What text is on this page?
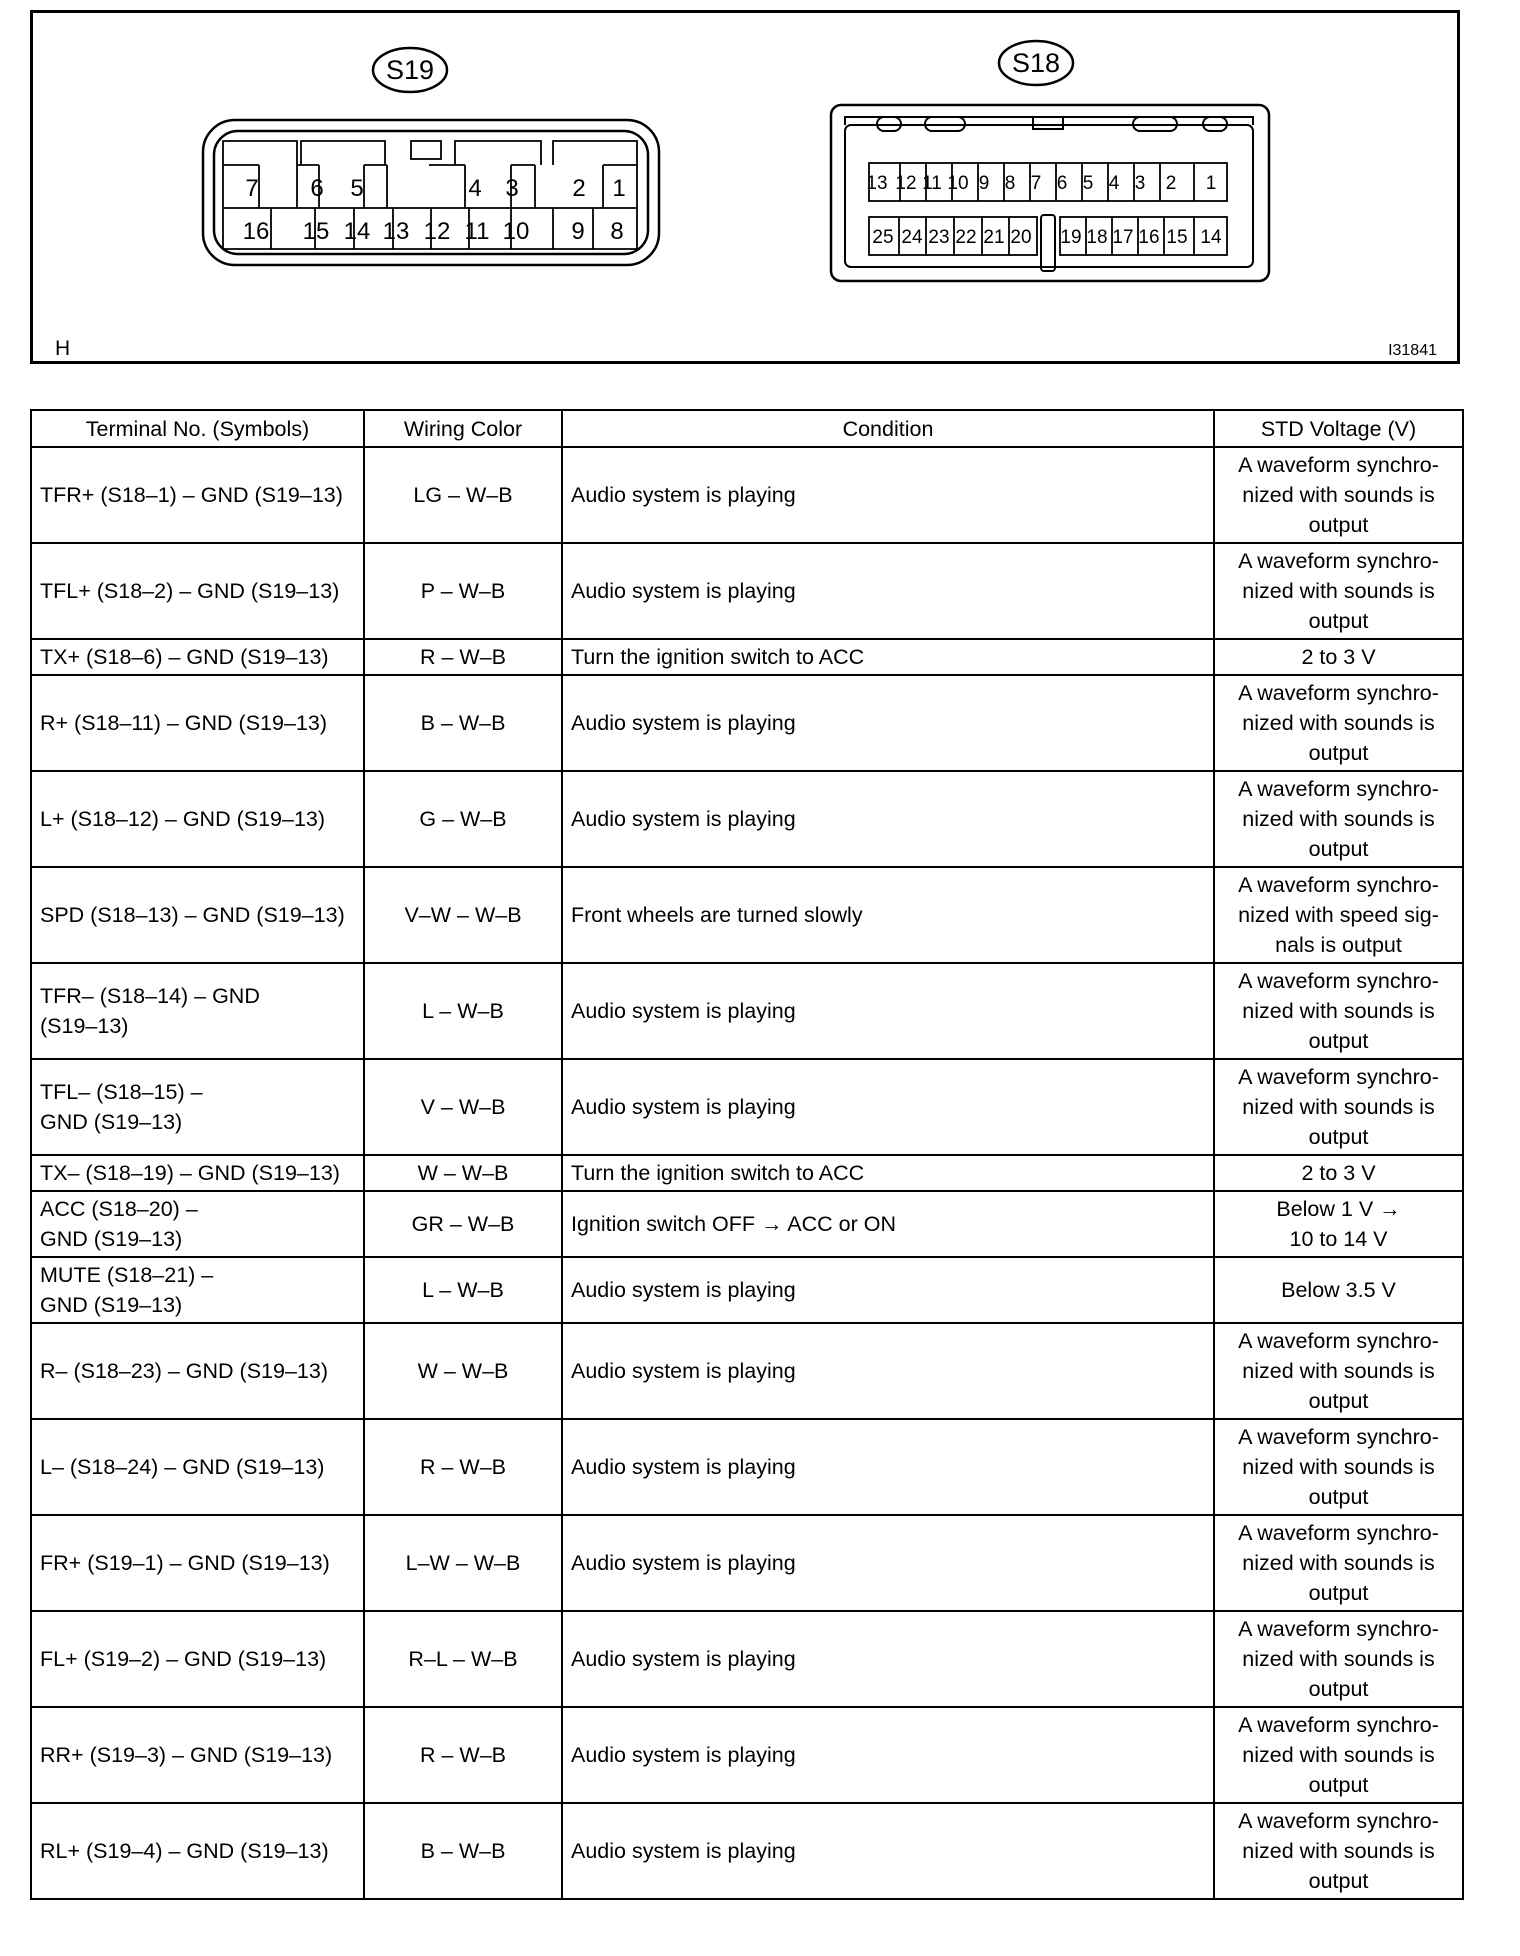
S19
7 6 5	4 3 2 1
16 15 14 13 12 11 10 9 8
S18
13 12 11 10 9 8 7 6 5 4 3 2 1
25 24 23 22 21 20 19 18 17 16 15 14
H	I31841
Terminal No. (Symbols)	Wiring Color	Condition	STD Voltage (V)
TFR+ (S18–1) – GND (S19–13)	LG – W–B	Audio system is playing	A waveform synchro-
nized with sounds is
output
TFL+ (S18–2) – GND (S19–13)	P – W–B	Audio system is playing	A waveform synchro-
nized with sounds is
output
TX+ (S18–6) – GND (S19–13)	R – W–B	Turn the ignition switch to ACC	2 to 3 V
R+ (S18–11) – GND (S19–13)	B – W–B	Audio system is playing	A waveform synchro-
nized with sounds is
output
L+ (S18–12) – GND (S19–13)	G – W–B	Audio system is playing	A waveform synchro-
nized with sounds is
output
SPD (S18–13) – GND (S19–13)	V–W – W–B	Front wheels are turned slowly	A waveform synchro-
nized with speed sig-
nals is output
TFR– (S18–14) – GND
(S19–13)	L – W–B	Audio system is playing	A waveform synchro-
nized with sounds is
output
TFL– (S18–15) –
GND (S19–13)	V – W–B	Audio system is playing	A waveform synchro-
nized with sounds is
output
TX– (S18–19) – GND (S19–13)	W – W–B	Turn the ignition switch to ACC	2 to 3 V
ACC (S18–20) –
GND (S19–13)	GR – W–B	Ignition switch OFF → ACC or ON	Below 1 V →
10 to 14 V
MUTE (S18–21) –
GND (S19–13)	L – W–B	Audio system is playing	Below 3.5 V
R– (S18–23) – GND (S19–13)	W – W–B	Audio system is playing	A waveform synchro-
nized with sounds is
output
L– (S18–24) – GND (S19–13)	R – W–B	Audio system is playing	A waveform synchro-
nized with sounds is
output
FR+ (S19–1) – GND (S19–13)	L–W – W–B	Audio system is playing	A waveform synchro-
nized with sounds is
output
FL+ (S19–2) – GND (S19–13)	R–L – W–B	Audio system is playing	A waveform synchro-
nized with sounds is
output
RR+ (S19–3) – GND (S19–13)	R – W–B	Audio system is playing	A waveform synchro-
nized with sounds is
output
RL+ (S19–4) – GND (S19–13)	B – W–B	Audio system is playing	A waveform synchro-
nized with sounds is
output
